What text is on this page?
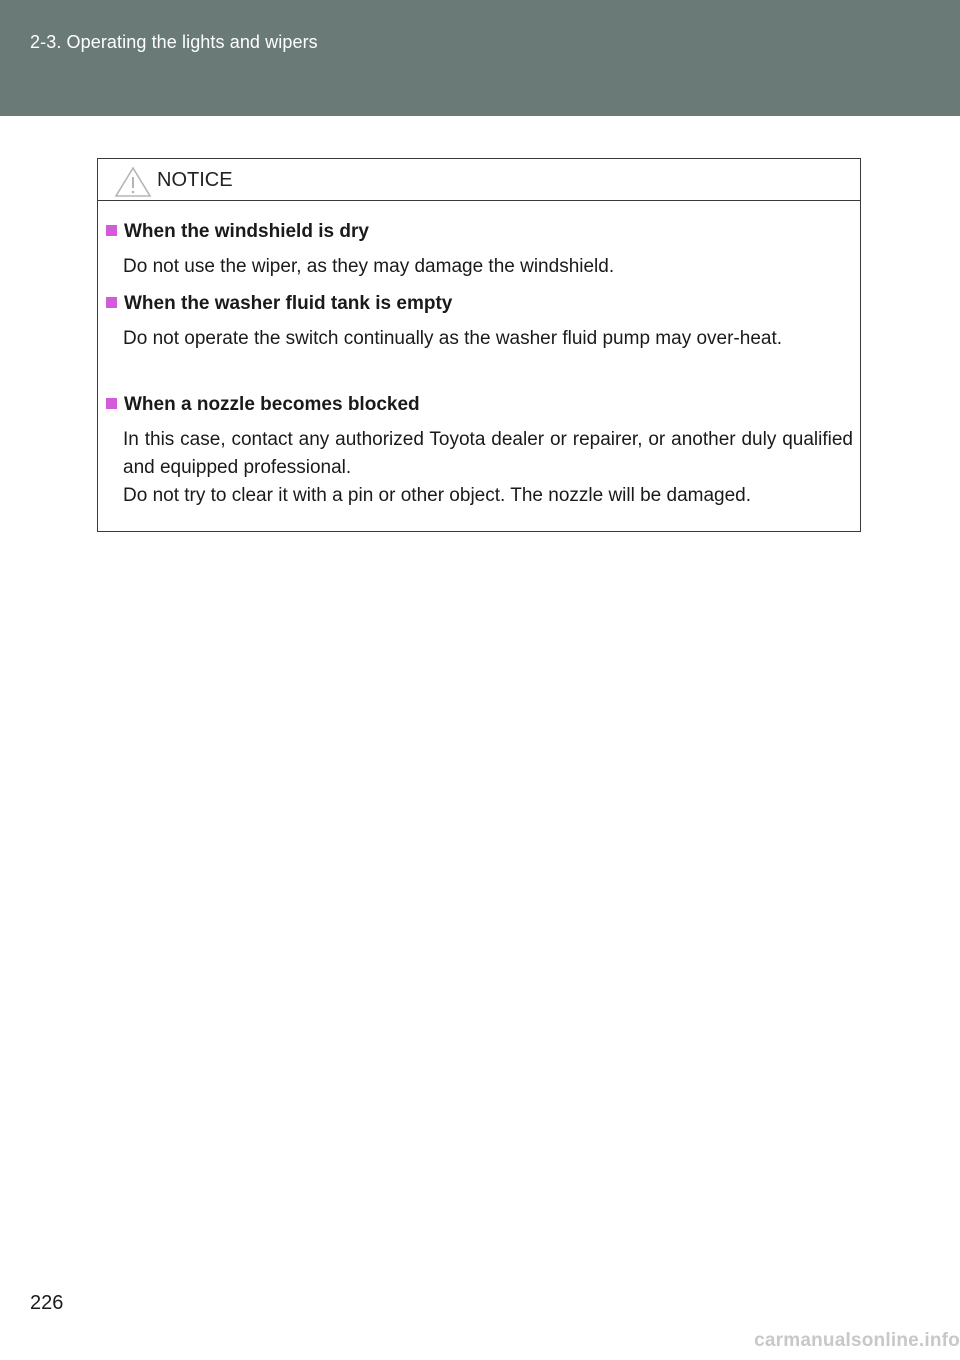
2-3. Operating the lights and wipers
NOTICE
When the windshield is dry
Do not use the wiper, as they may damage the windshield.
When the washer fluid tank is empty
Do not operate the switch continually as the washer fluid pump may over-heat.
When a nozzle becomes blocked
In this case, contact any authorized Toyota dealer or repairer, or another duly qualified and equipped professional.
Do not try to clear it with a pin or other object. The nozzle will be damaged.
226
carmanualsonline.info
